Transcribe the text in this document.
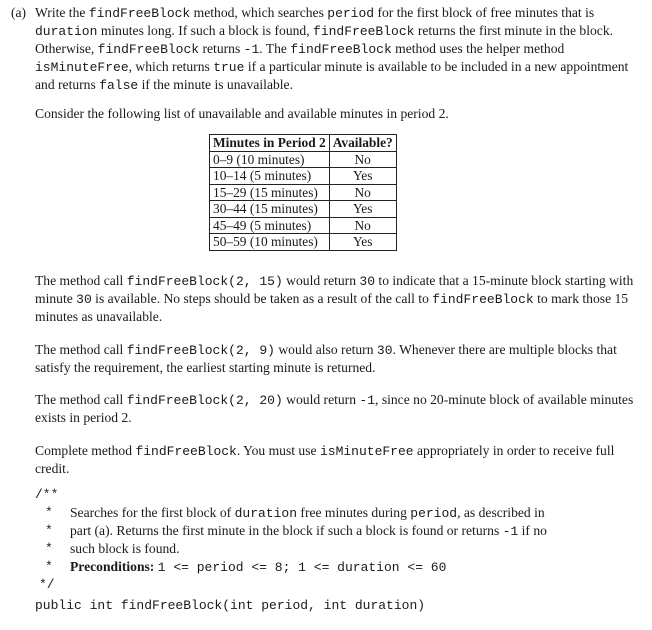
(a) Write the findFreeBlock method, which searches period for the first block of free minutes that is duration minutes long. If such a block is found, findFreeBlock returns the first minute in the block. Otherwise, findFreeBlock returns -1. The findFreeBlock method uses the helper method isMinuteFree, which returns true if a particular minute is available to be included in a new appointment and returns false if the minute is unavailable.
Consider the following list of unavailable and available minutes in period 2.
Minutes in Period 2	Available?
0–9 (10 minutes)	No
10–14 (5 minutes)	Yes
15–29 (15 minutes)	No
30–44 (15 minutes)	Yes
45–49 (5 minutes)	No
50–59 (10 minutes)	Yes
The method call findFreeBlock(2, 15) would return 30 to indicate that a 15-minute block starting with minute 30 is available. No steps should be taken as a result of the call to findFreeBlock to mark those 15 minutes as unavailable.
The method call findFreeBlock(2, 9) would also return 30. Whenever there are multiple blocks that satisfy the requirement, the earliest starting minute is returned.
The method call findFreeBlock(2, 20) would return -1, since no 20-minute block of available minutes exists in period 2.
Complete method findFreeBlock. You must use isMinuteFree appropriately in order to receive full credit.
/**
* Searches for the first block of duration free minutes during period, as described in
* part (a). Returns the first minute in the block if such a block is found or returns -1 if no
* such block is found.
* Preconditions: 1 <= period <= 8; 1 <= duration <= 60
*/
public int findFreeBlock(int period, int duration)
